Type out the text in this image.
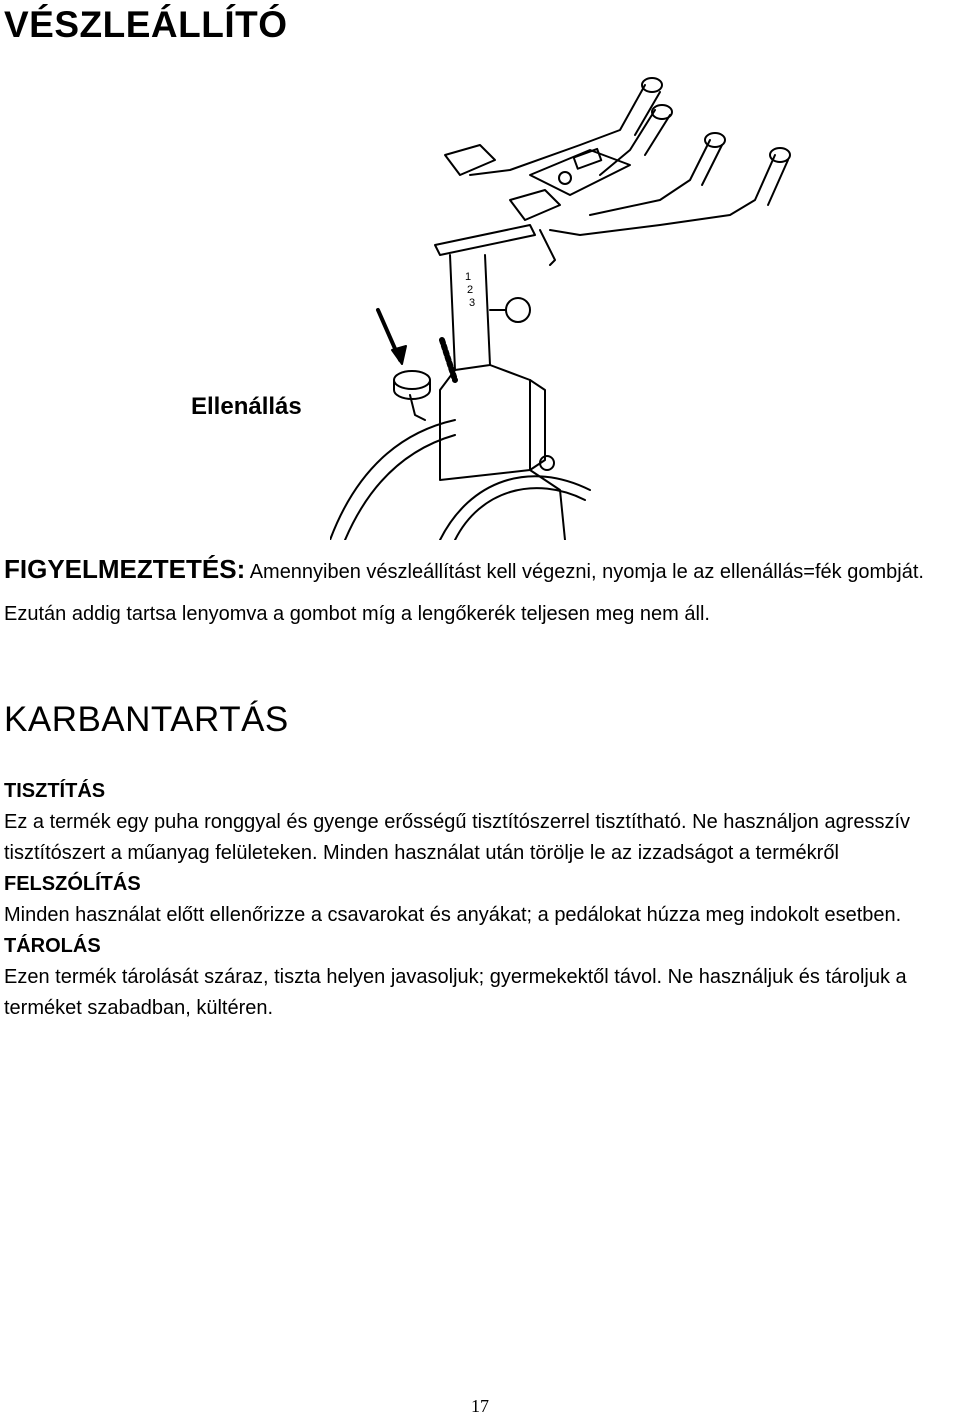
VÉSZLEÁLLÍTÓ
1
2
3
Ellenállás
FIGYELMEZTETÉS: Amennyiben vészleállítást kell végezni, nyomja le az ellenállás=fék gombját. Ezután addig tartsa lenyomva a gombot míg a lengőkerék teljesen meg nem áll.
KARBANTARTÁS
TISZTÍTÁS

Ez a termék egy puha ronggyal és gyenge erősségű tisztítószerrel tisztítható. Ne használjon agresszív tisztítószert a műanyag felületeken. Minden használat után törölje le az izzadságot a termékről

FELSZÓLÍTÁS

Minden használat előtt ellenőrizze a csavarokat és anyákat; a pedálokat húzza meg indokolt esetben.

TÁROLÁS

Ezen termék tárolását száraz, tiszta helyen javasoljuk; gyermekektől távol. Ne használjuk és tároljuk a terméket szabadban, kültéren.

17
